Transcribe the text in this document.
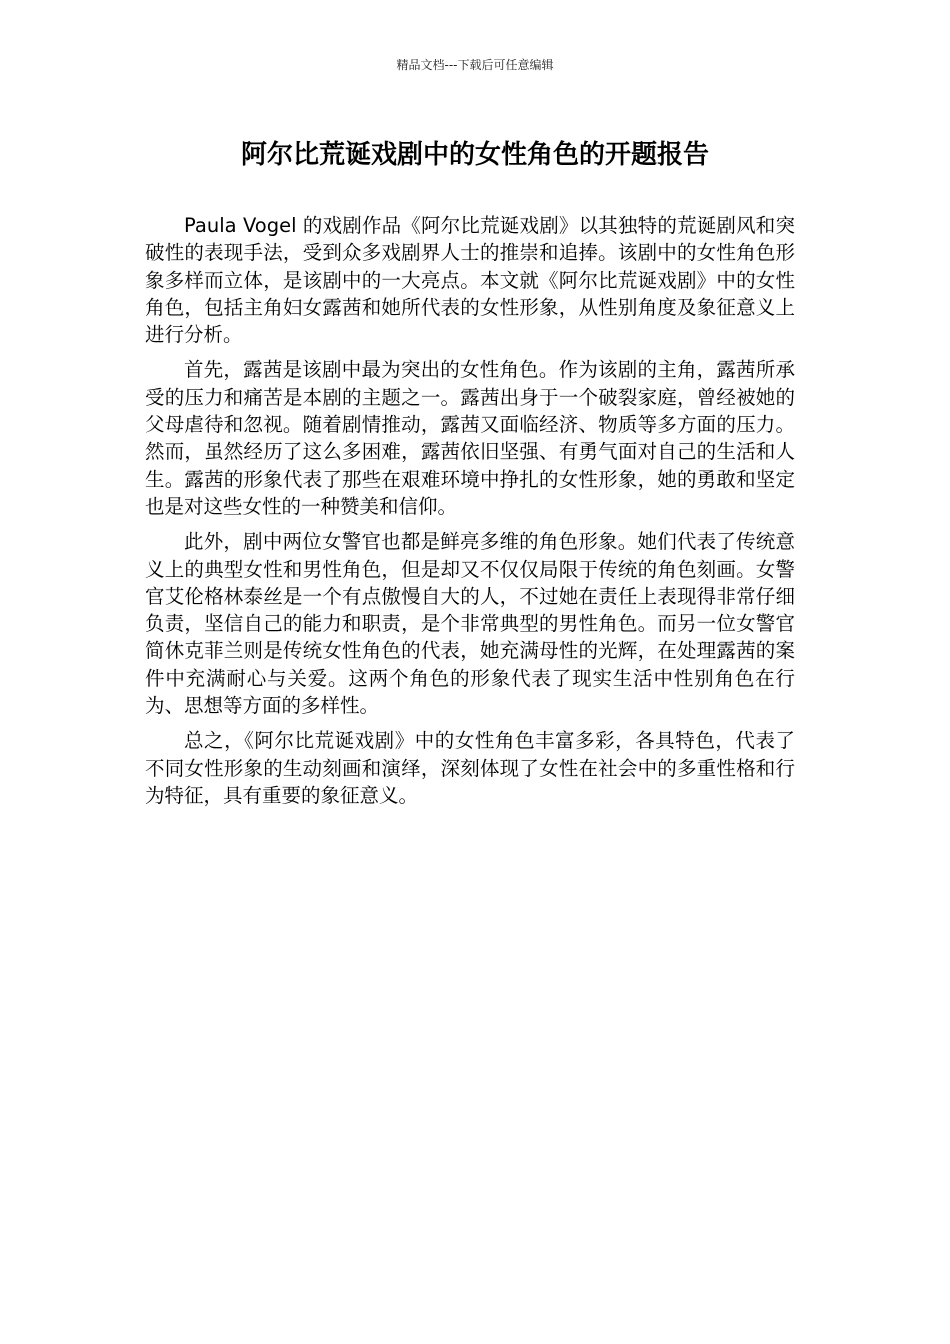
精品文档---下载后可任意编辑
阿尔比荒诞戏剧中的女性角色的开题报告

Paula Vogel 的戏剧作品《阿尔比荒诞戏剧》以其独特的荒诞剧风和突破性的表现手法，受到众多戏剧界人士的推崇和追捧。该剧中的女性角色形象多样而立体，是该剧中的一大亮点。本文就《阿尔比荒诞戏剧》中的女性角色，包括主角妇女露茜和她所代表的女性形象，从性别角度及象征意义上进行分析。

首先，露茜是该剧中最为突出的女性角色。作为该剧的主角，露茜所承受的压力和痛苦是本剧的主题之一。露茜出身于一个破裂家庭，曾经被她的父母虐待和忽视。随着剧情推动，露茜又面临经济、物质等多方面的压力。然而，虽然经历了这么多困难，露茜依旧坚强、有勇气面对自己的生活和人生。露茜的形象代表了那些在艰难环境中挣扎的女性形象，她的勇敢和坚定也是对这些女性的一种赞美和信仰。

此外，剧中两位女警官也都是鲜亮多维的角色形象。她们代表了传统意义上的典型女性和男性角色，但是却又不仅仅局限于传统的角色刻画。女警官艾伦格林泰丝是一个有点傲慢自大的人，不过她在责任上表现得非常仔细负责，坚信自己的能力和职责，是个非常典型的男性角色。而另一位女警官简休克菲兰则是传统女性角色的代表，她充满母性的光辉，在处理露茜的案件中充满耐心与关爱。这两个角色的形象代表了现实生活中性别角色在行为、思想等方面的多样性。

总之，《阿尔比荒诞戏剧》中的女性角色丰富多彩，各具特色，代表了不同女性形象的生动刻画和演绎，深刻体现了女性在社会中的多重性格和行为特征，具有重要的象征意义。
